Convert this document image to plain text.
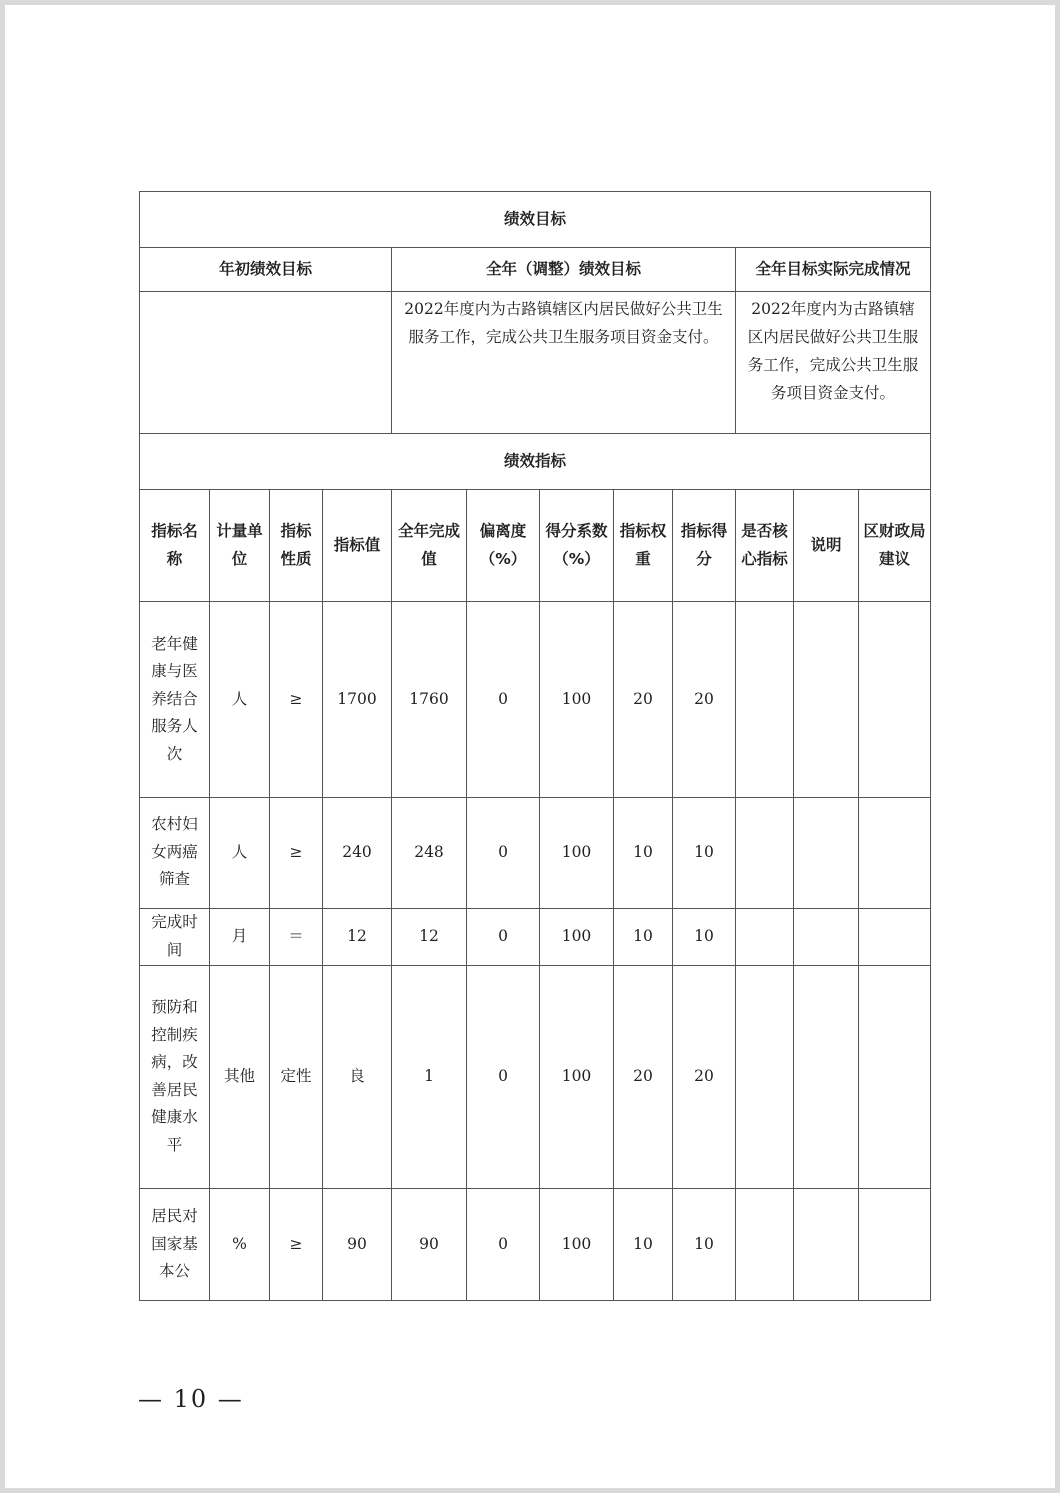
绩效目标											
年初绩效目标				全年（调整）绩效目标					全年目标实际完成情况		
				2022年度内为古路镇辖区内居民做好公共卫生服务工作，完成公共卫生服务项目资金支付。					2022年度内为古路镇辖区内居民做好公共卫生服务工作，完成公共卫生服务项目资金支付。		
绩效指标											
指标名称	计量单位	指标性质	指标值	全年完成值	偏离度（%）	得分系数（%）	指标权重	指标得分	是否核心指标	说明	区财政局建议
老年健康与医养结合服务人次	人	≥	1700	1760	0	100	20	20			
农村妇女两癌筛查	人	≥	240	248	0	100	10	10			
完成时间	月	＝	12	12	0	100	10	10			
预防和控制疾病，改善居民健康水平	其他	定性	良	1	0	100	20	20			
居民对国家基本公	%	≥	90	90	0	100	10	10			
— 10 —
